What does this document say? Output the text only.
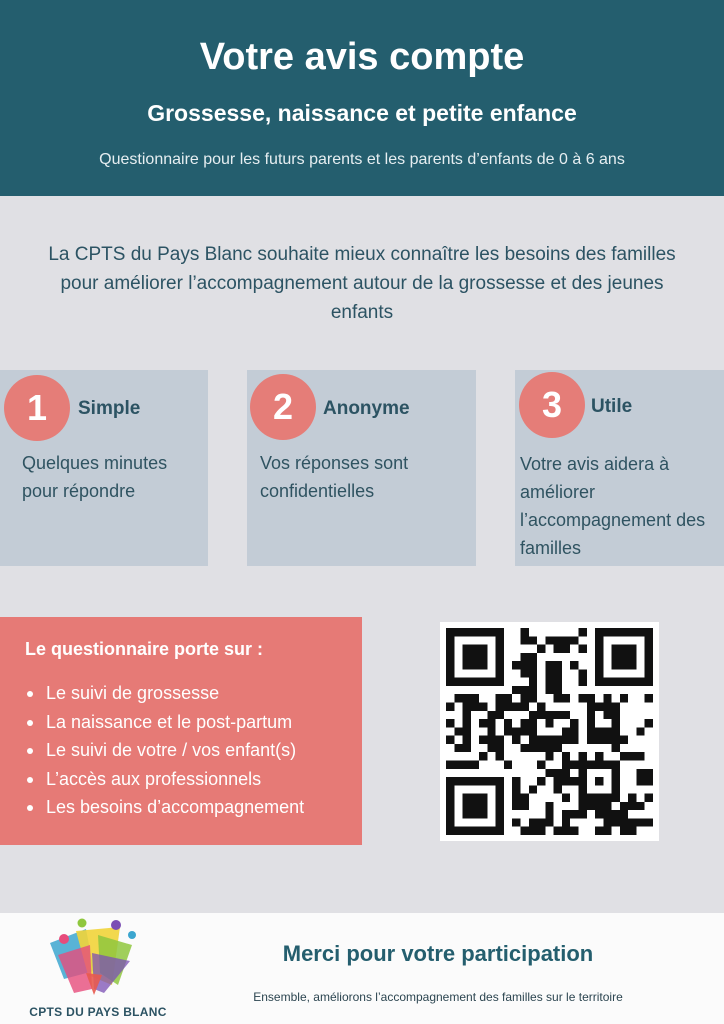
Votre avis compte
Grossesse, naissance et petite enfance
Questionnaire pour les futurs parents et les parents d’enfants de 0 à 6 ans
La CPTS du Pays Blanc souhaite mieux connaître les besoins des familles pour améliorer l’accompagnement autour de la grossesse et des jeunes enfants
1	Simple
Quelques minutes pour répondre
2	Anonyme
Vos réponses sont confidentielles
3	Utile
Votre avis aidera à améliorer l’accompagnement des familles
Le questionnaire porte sur :
Le suivi de grossesse
La naissance et le post-partum
Le suivi de votre / vos enfant(s)
L’accès aux professionnels
Les besoins d’accompagnement
CPTS DU PAYS BLANC
Merci pour votre participation
Ensemble, améliorons l’accompagnement des familles sur le territoire
